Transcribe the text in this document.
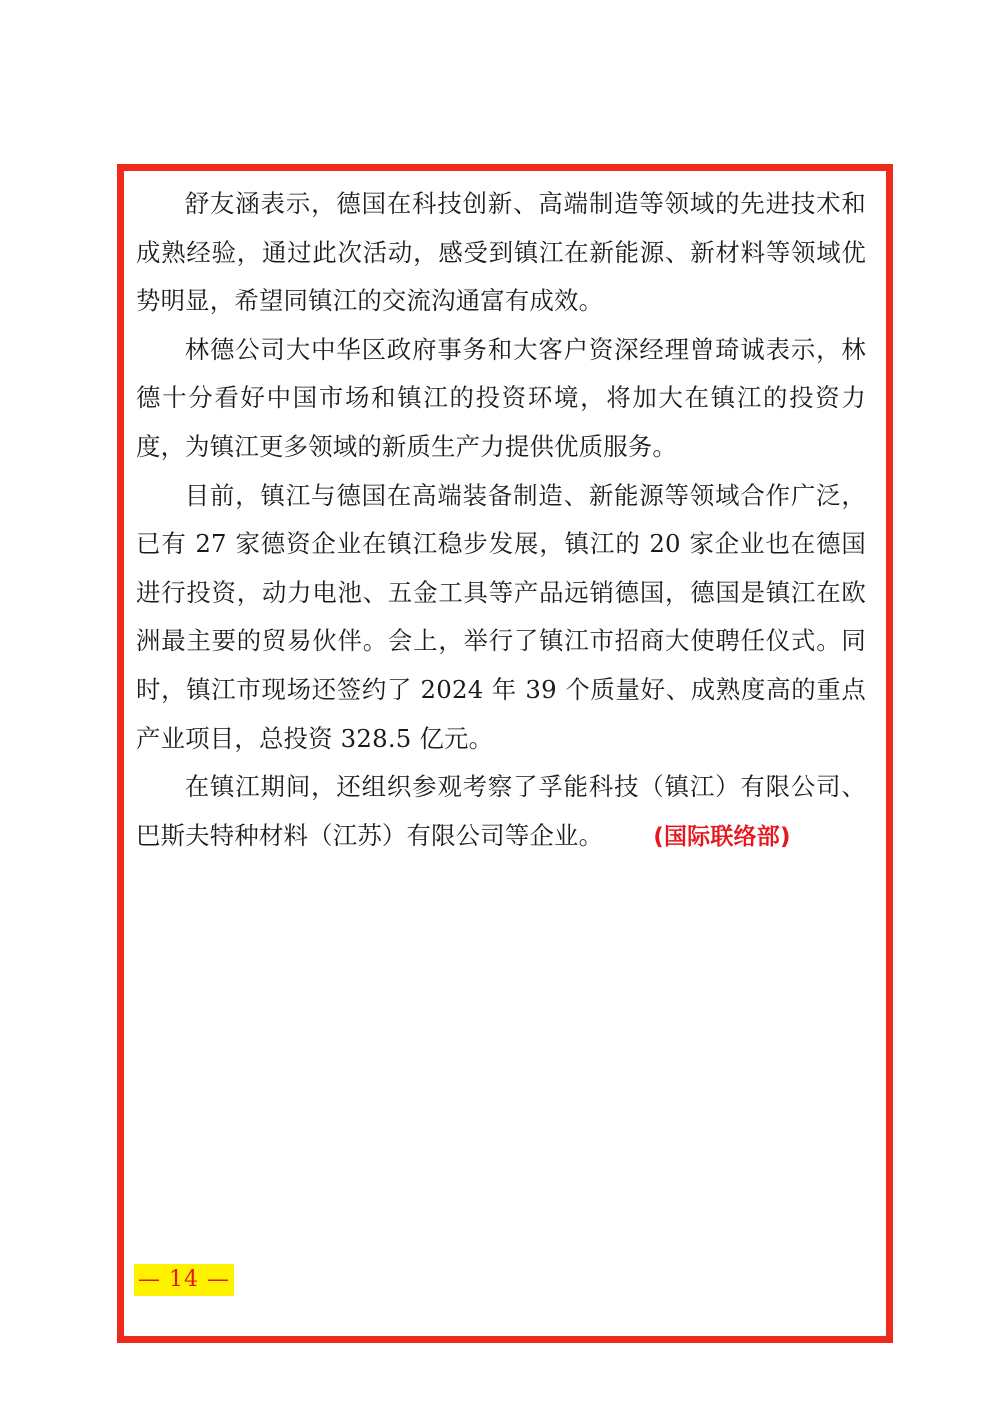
舒友涵表示，德国在科技创新、高端制造等领域的先进技术和成熟经验，通过此次活动，感受到镇江在新能源、新材料等领域优势明显，希望同镇江的交流沟通富有成效。

林德公司大中华区政府事务和大客户资深经理曾琦诚表示，林德十分看好中国市场和镇江的投资环境，将加大在镇江的投资力度，为镇江更多领域的新质生产力提供优质服务。

目前，镇江与德国在高端装备制造、新能源等领域合作广泛，已有 27 家德资企业在镇江稳步发展，镇江的 20 家企业也在德国进行投资，动力电池、五金工具等产品远销德国，德国是镇江在欧洲最主要的贸易伙伴。会上，举行了镇江市招商大使聘任仪式。同时，镇江市现场还签约了 2024 年 39 个质量好、成熟度高的重点产业项目，总投资 328.5 亿元。

在镇江期间，还组织参观考察了孚能科技（镇江）有限公司、巴斯夫特种材料（江苏）有限公司等企业。 (国际联络部)

— 14 —
